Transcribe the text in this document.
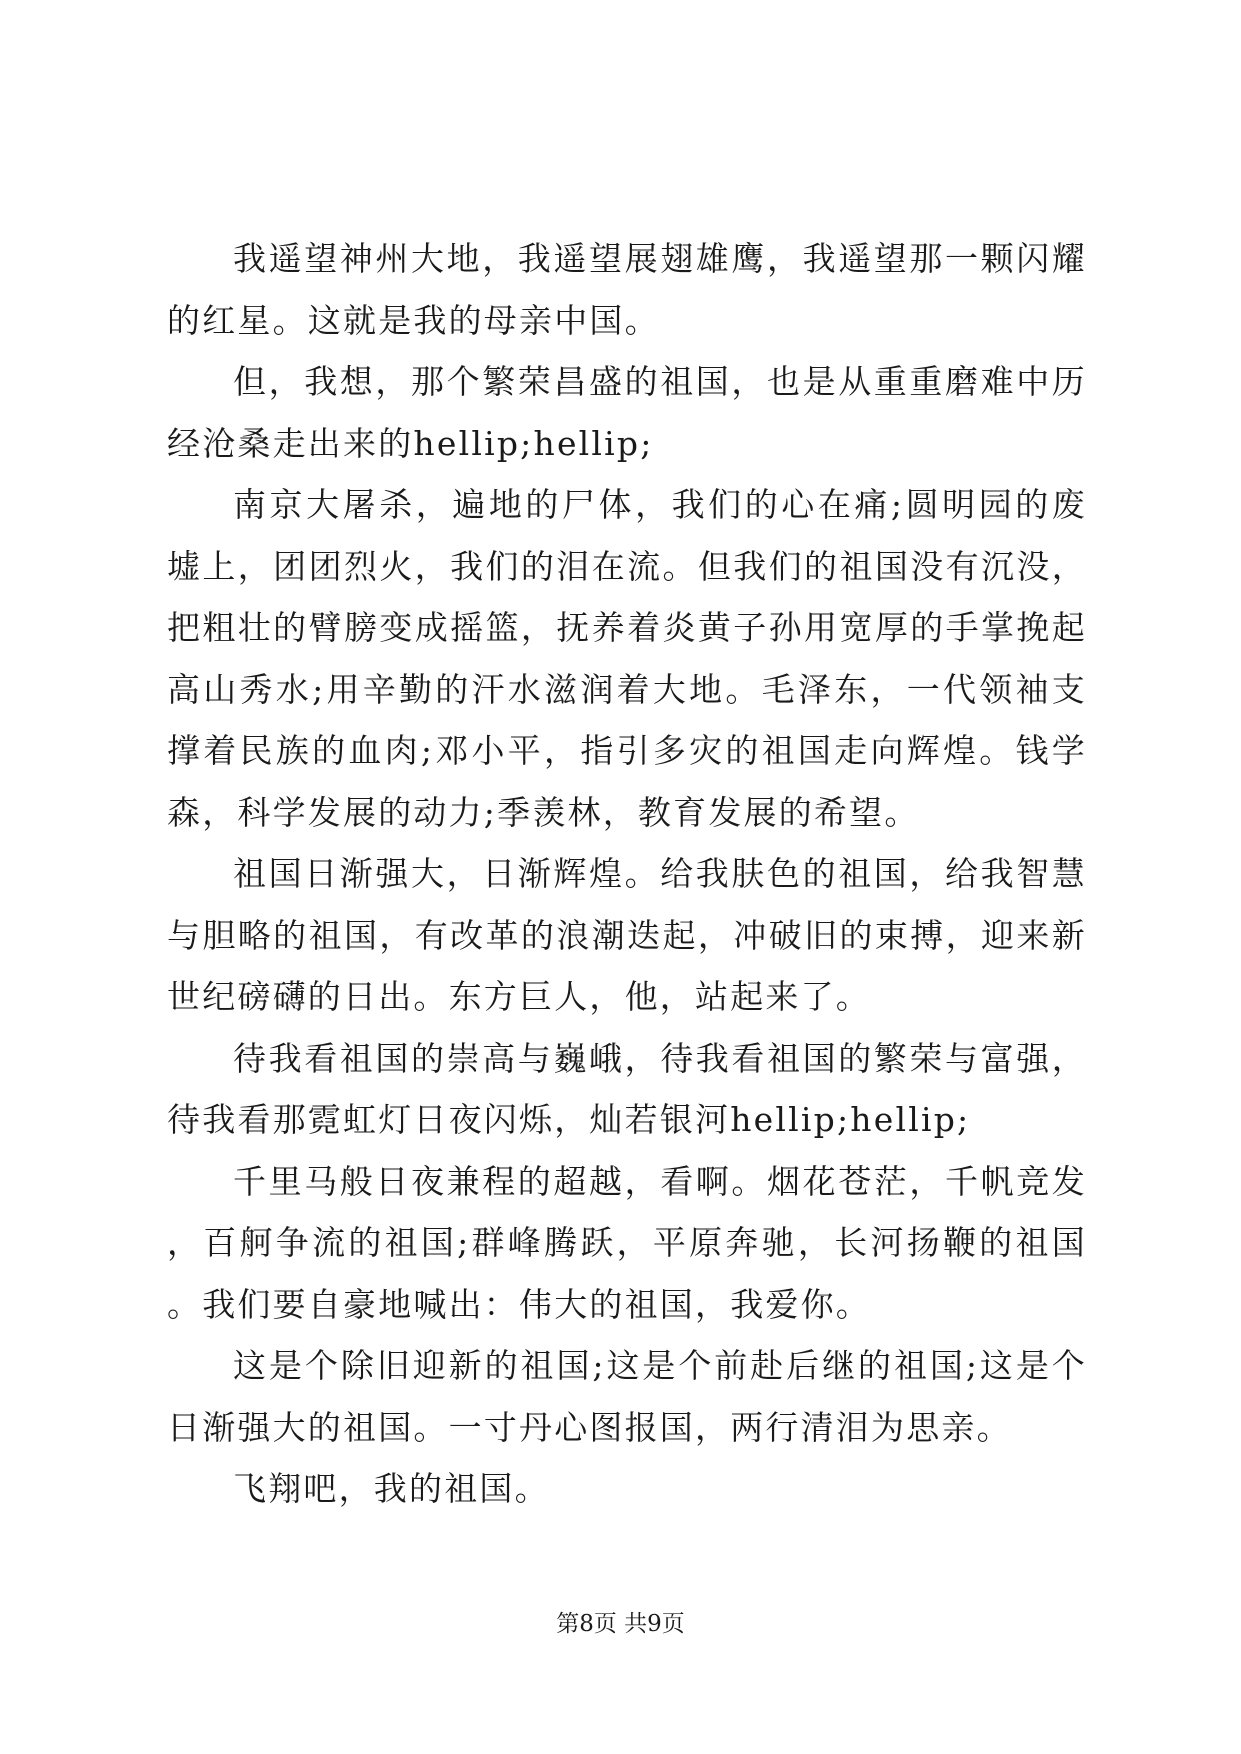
我遥望神州大地，我遥望展翅雄鹰，我遥望那一颗闪耀的红星。这就是我的母亲中国。

但，我想，那个繁荣昌盛的祖国，也是从重重磨难中历经沧桑走出来的hellip;hellip;

南京大屠杀，遍地的尸体，我们的心在痛;圆明园的废墟上，团团烈火，我们的泪在流。但我们的祖国没有沉没，把粗壮的臂膀变成摇篮，抚养着炎黄子孙用宽厚的手掌挽起高山秀水;用辛勤的汗水滋润着大地。毛泽东，一代领袖支撑着民族的血肉;邓小平，指引多灾的祖国走向辉煌。钱学森，科学发展的动力;季羡林，教育发展的希望。

祖国日渐强大，日渐辉煌。给我肤色的祖国，给我智慧与胆略的祖国，有改革的浪潮迭起，冲破旧的束搏，迎来新世纪磅礴的日出。东方巨人，他，站起来了。

待我看祖国的崇高与巍峨，待我看祖国的繁荣与富强，待我看那霓虹灯日夜闪烁，灿若银河hellip;hellip;

千里马般日夜兼程的超越，看啊。烟花苍茫，千帆竞发，百舸争流的祖国;群峰腾跃，平原奔驰，长河扬鞭的祖国。我们要自豪地喊出：伟大的祖国，我爱你。

这是个除旧迎新的祖国;这是个前赴后继的祖国;这是个日渐强大的祖国。一寸丹心图报国，两行清泪为思亲。

飞翔吧，我的祖国。

第8页 共9页
